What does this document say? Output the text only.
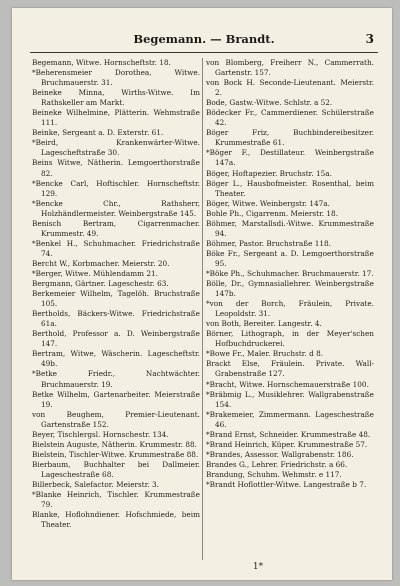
Begemann. — Brandt.	3
Begemann, Witwe. Hornscheftstr. 18.
*Beherensmeier Dorothea, Witwe. Bruchmauerstr. 31.
Beineke Minna, Wirths-Witwe. Im Rathskeller am Markt.
Beineke Wilhelmine, Plätterin. Wehmstraße 111.
Beinke, Sergeant a. D. Exterstr. 61.
*Beird, Krankenwärter-Witwe. Lagescheftstraße 30.
Beins Witwe, Nätherin. Lemgoerthorstraße 82.
*Bencke Carl, Hoftischler. Hornscheftstr. 129.
*Bencke Chr., Rathsherr, Holzhändlermeister. Weinbergstraße 145.
Benisch Bertram, Cigarrenmacher. Krummestr. 49.
*Benkel H., Schuhmacher. Friedrichstraße 74.
Bercht W., Korbmacher. Meierstr. 20.
*Berger, Witwe. Mühlendamm 21.
Bergmann, Gärtner. Lageschestr. 63.
Berkemeier Wilhelm, Tagelöh. Bruchstraße 105.
Bertholds, Bäckers-Witwe. Friedrichstraße 61a.
Berthold, Professor a. D. Weinbergstraße 147.
Bertram, Witwe, Wäscherin. Lagescheftstr. 49b.
*Betke Friedr., Nachtwächter. Bruchmauerstr. 19.
Betke Wilhelm, Gartenarbeiter. Meierstraße 19.
von Beughem, Premier-Lieutenant. Gartenstraße 152.
Beyer, Tischlergsl. Hornschestr. 134.
Bielstein Auguste, Nätherin. Krummestr. 88.
Bielstein, Tischler-Witwe. Krummestraße 88.
Bierbaum, Buchhalter bei Dallmeier. Lageschestraße 68.
Billerbeck, Salefactor. Meierstr. 3.
*Blanke Heinrich, Tischler. Krummestraße 79.
Blanke, Hoflohndiener. Hofschmiede, beim Theater.
von Blomberg, Freiherr N., Cammerrath. Gartenstr. 157.
von Bock H. Seconde-Lieutenant. Meierstr. 2.
Bode, Gastw.-Witwe. Schlstr. a 52.
Bödecker Fr., Cammerdiener. Schülerstraße 42.
Böger Friz, Buchbindereibesitzer. Krummestraße 61.
*Böger F., Destillateur. Weinbergstraße 147a.
Böger, Hoftapezier. Bruchstr. 15a.
Böger L., Hausbofmeister. Rosenthal, beim Theater.
Böger, Witwe. Weinbergstr. 147a.
Bohle Ph., Cigarrenm. Meierstr. 18.
Böhmer, Marstallsdi.-Witwe. Krummestraße 94.
Böhmer, Pastor. Bruchstraße 118.
Böke Fr., Sergeant a. D. Lemgoerthorstraße 95.
*Böke Ph., Schuhmacher. Bruchmauerstr. 17.
Bölle, Dr., Gymnasiallehrer. Weinbergstraße 147b.
*von der Borch, Fräulein, Private. Leopoldstr. 31.
von Both, Bereiter. Langestr. 4.
Börner, Lithograph, in der Meyer'schen Hofbuchdruckerei.
*Bowe Fr., Maler. Bruchstr. d 8.
Brackt Else, Fräulein. Private. Wall-Grabenstraße 127.
*Bracht, Witwe. Hornschemauerstraße 100.
*Bräbmig L., Musiklehrer. Wallgrabenstraße 154.
*Brakemeier, Zimmermann. Lageschestraße 46.
*Brand Ernst, Schneider. Krummestraße 48.
*Brand Heinrich, Küper. Krummestraße 57.
*Brandes, Assessor. Wallgrabenstr. 186.
Brandes G., Lehrer. Friedrichstr. a 66.
Brandung, Schuhm. Wehmstr. e 117.
*Brandt Hoflottler-Witwe. Langestraße b 7.
1*
